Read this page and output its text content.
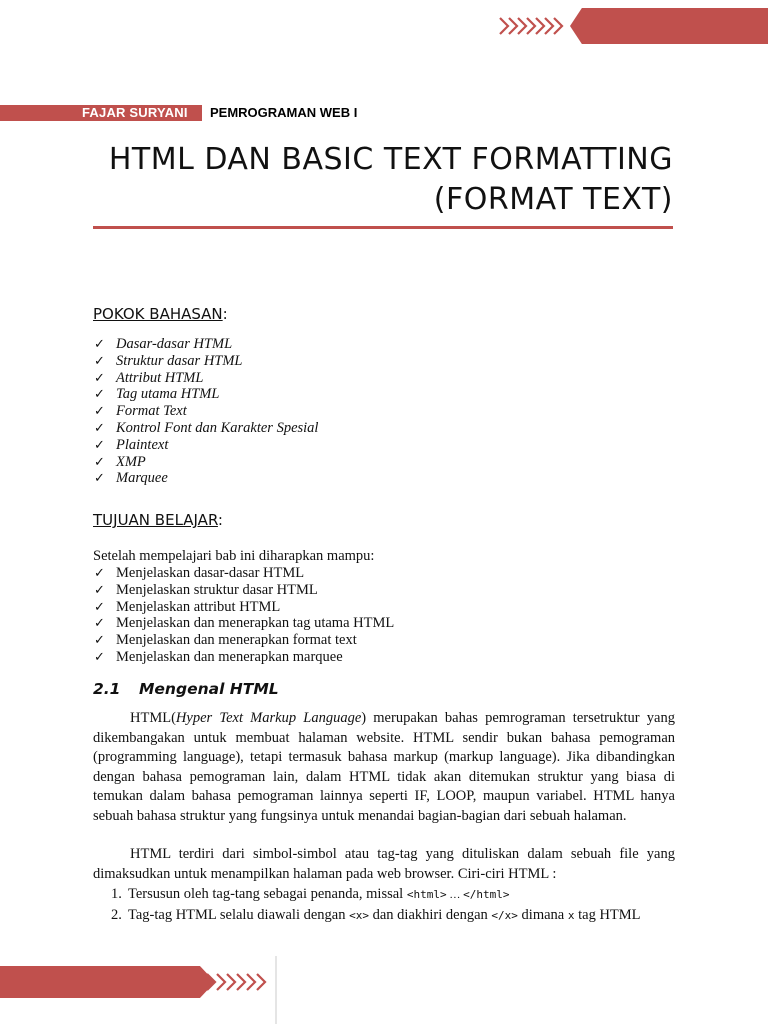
FAJAR SURYANI PEMROGRAMAN WEB I
HTML DAN BASIC TEXT FORMATTING
(FORMAT TEXT)
POKOK BAHASAN:
✓ Dasar-dasar HTML
✓ Struktur dasar HTML
✓ Attribut HTML
✓ Tag utama HTML
✓ Format Text
✓ Kontrol Font dan Karakter Spesial
✓ Plaintext
✓ XMP
✓ Marquee
TUJUAN BELAJAR:
Setelah mempelajari bab ini diharapkan mampu:
✓ Menjelaskan dasar-dasar HTML
✓ Menjelaskan struktur dasar HTML
✓ Menjelaskan attribut HTML
✓ Menjelaskan dan menerapkan tag utama HTML
✓ Menjelaskan dan menerapkan format text
✓ Menjelaskan dan menerapkan marquee
2.1 Mengenal HTML
HTML(Hyper Text Markup Language) merupakan bahas pemrograman tersetruktur yang dikembangakan untuk membuat halaman website. HTML sendir bukan bahasa pemograman (programming language), tetapi termasuk bahasa markup (markup language). Jika dibandingkan dengan bahasa pemograman lain, dalam HTML tidak akan ditemukan struktur yang biasa di temukan dalam bahasa pemograman lainnya seperti IF, LOOP, maupun variabel. HTML hanya sebuah bahasa struktur yang fungsinya untuk menandai bagian-bagian dari sebuah halaman.
HTML terdiri dari simbol-simbol atau tag-tag yang dituliskan dalam sebuah file yang dimaksudkan untuk menampilkan halaman pada web browser. Ciri-ciri HTML :
1. Tersusun oleh tag-tang sebagai penanda, missal <html> … </html>
2. Tag-tag HTML selalu diawali dengan <x> dan diakhiri dengan </x> dimana x tag HTML
